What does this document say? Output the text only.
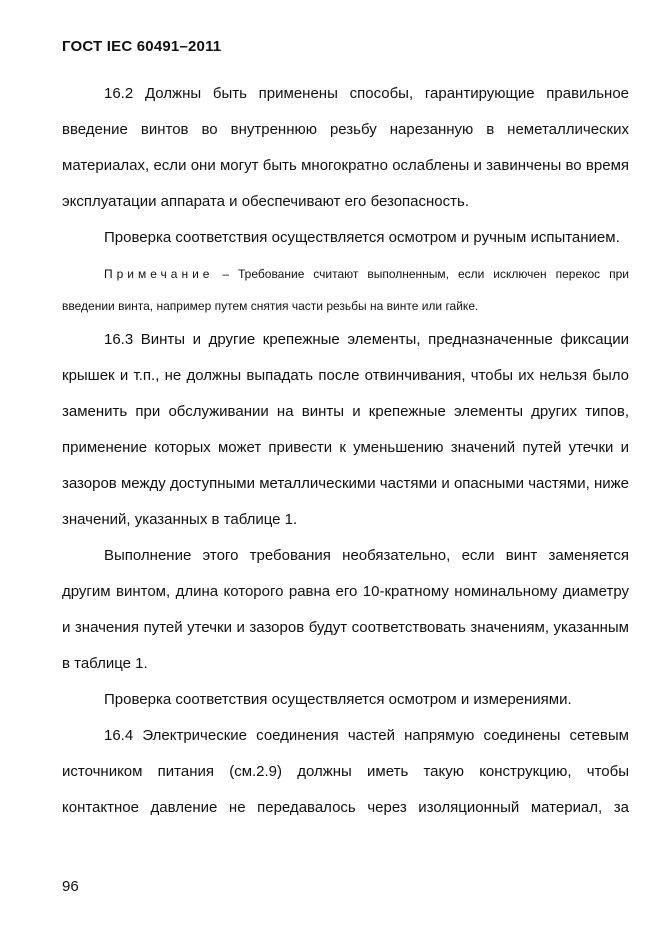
ГОСТ IEC 60491–2011

16.2 Должны быть применены способы, гарантирующие правильное введение винтов во внутреннюю резьбу нарезанную в неметаллических материалах, если они могут быть многократно ослаблены и завинчены во время эксплуатации аппарата и обеспечивают его безопасность.

Проверка соответствия осуществляется осмотром и ручным испытанием.

Примечание – Требование считают выполненным, если исключен перекос при введении винта, например путем снятия части резьбы на винте или гайке.

16.3 Винты и другие крепежные элементы, предназначенные фиксации крышек и т.п., не должны выпадать после отвинчивания, чтобы их нельзя было заменить при обслуживании на винты и крепежные элементы других типов, применение которых может привести к уменьшению значений путей утечки и зазоров между доступными металлическими частями и опасными частями, ниже значений, указанных в таблице 1.

Выполнение этого требования необязательно, если винт заменяется другим винтом, длина которого равна его 10-кратному номинальному диаметру и значения путей утечки и зазоров будут соответствовать значениям, указанным в таблице 1.

Проверка соответствия осуществляется осмотром и измерениями.

16.4 Электрические соединения частей напрямую соединены сетевым источником питания (см.2.9) должны иметь такую конструкцию, чтобы контактное давление не передавалось через изоляционный материал, за

96
